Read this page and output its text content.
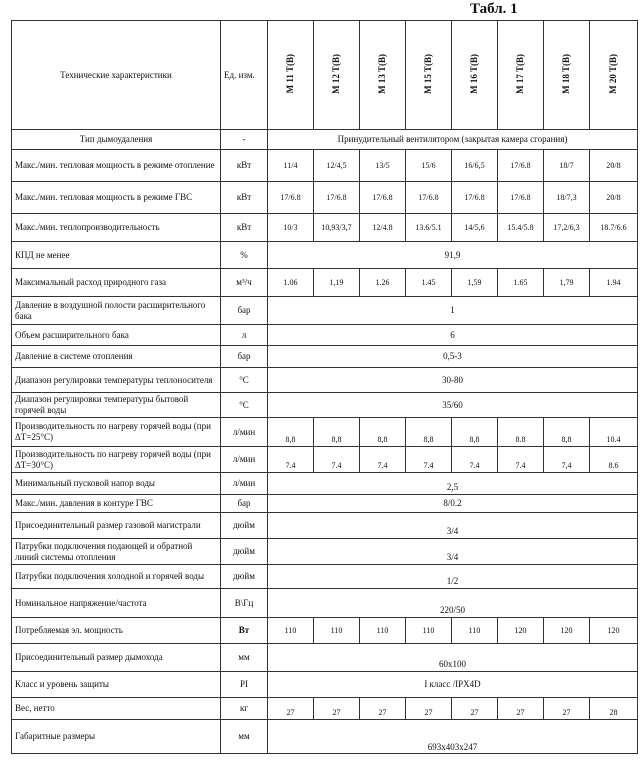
Табл. 1
Технические характеристики	Ед. изм.	M 11 T(B)	M 12 T(B)	M 13 T(B)	M 15 T(B)	M 16 T(B)	M 17 T(B)	M 18 T(B)	M 20 T(B)
Тип дымоудаления	-	Принудительный вентилятором (закрытая камера сгорания)							
Макс./мин. тепловая мощность в режиме отопление	кВт	11/4	12/4,5	13/5	15/6	16/6,5	17/6.8	18/7	20/8
Макс./мин. тепловая мощность в режиме ГВС	кВт	17/6.8	17/6.8	17/6.8	17/6.8	17/6.8	17/6.8	18/7,3	20/8
Макс./мин. теплопроизводительность	кВт	10/3	10,93/3,7	12/4.8	13.6/5.1	14/5,6	15.4/5.8	17,2/6,3	18.7/6.6
КПД не менее	%	91,9							
Максимальный расход природного газа	м³/ч	1.06	1,19	1.26	1.45	1,59	1.65	1,79	1.94
Давление в воздушной полости расширительного бака	бар	1							
Объем расширительного бака	л	6							
Давление в системе отопления	бар	0,5-3							
Диапазон регулировки температуры теплоносителя	°С	30-80							
Диапазон регулировки температуры бытовой горячей воды	°С	35/60							
Производительность по нагреву горячей воды (при ΔT=25°С)	л/мин	8,8	8,8	8,8	8,8	8,8	8.8	8,8	10.4
Производительность по нагреву горячей воды (при ΔT=30°С)	л/мин	7.4	7.4	7.4	7.4	7.4	7.4	7,4	8.6
Минимальный пусковой напор воды	л/мин	2,5							
Макс./мин. давления в контуре ГВС	бар	8/0.2							
Присоединительный размер газовой магистрали	дюйм	3/4							
Патрубки подключения подающей и обратной линий системы отопления	дюйм	3/4							
Патрубки подключения холодной и горячей воды	дюйм	1/2							
Номинальное напряжение/частота	В\Гц	220/50							
Потребляемая эл. мощность	Вт	110	110	110	110	110	120	120	120
Присоединительный размер дымохода	мм	60x100							
Класс и уровень защиты	PI	I класс /IPX4D							
Вес, нетто	кг	27	27	27	27	27	27	27	28
Габаритные размеры	мм	693x403x247							
